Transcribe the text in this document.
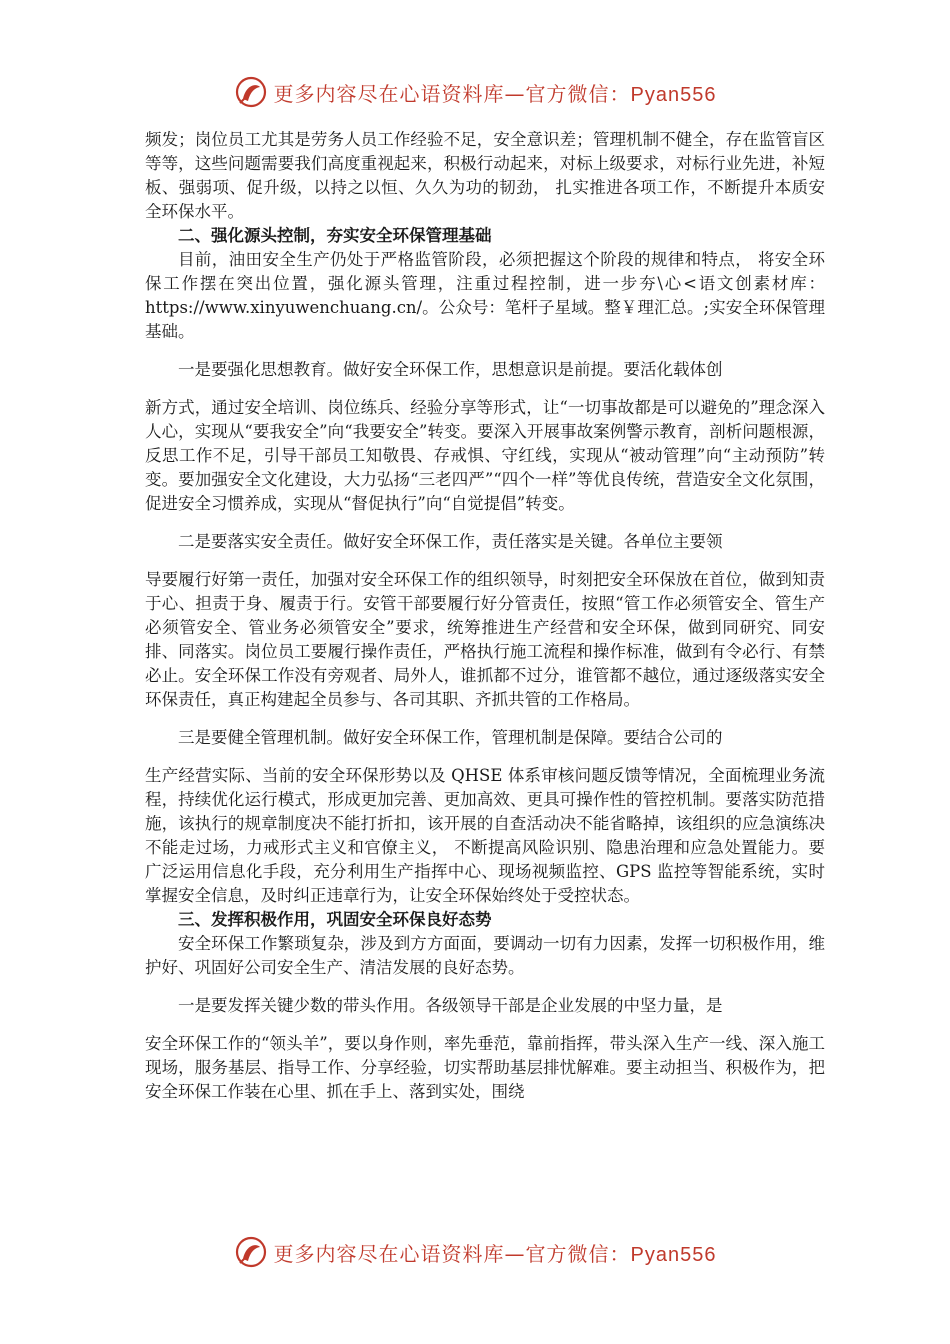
更多内容尽在心语资料库—官方微信：Pyan556

频发；岗位员工尤其是劳务人员工作经验不足，安全意识差；管理机制不健全，存在监管盲区等等，这些问题需要我们高度重视起来，积极行动起来，对标上级要求，对标行业先进，补短板、强弱项、促升级，以持之以恒、久久为功的韧劲， 扎实推进各项工作，不断提升本质安全环保水平。

二、强化源头控制，夯实安全环保管理基础

目前，油田安全生产仍处于严格监管阶段，必须把握这个阶段的规律和特点， 将安全环保工作摆在突出位置，强化源头管理，注重过程控制，进一步夯\心<语文创素材库：https://www.xinyuwenchuang.cn/。公众号：笔杆子星域。整￥理汇总。;实安全环保管理基础。

一是要强化思想教育。做好安全环保工作，思想意识是前提。要活化载体创

新方式，通过安全培训、岗位练兵、经验分享等形式，让“一切事故都是可以避免的”理念深入人心，实现从“要我安全”向“我要安全”转变。要深入开展事故案例警示教育，剖析问题根源，反思工作不足，引导干部员工知敬畏、存戒惧、守红线，实现从“被动管理”向“主动预防”转变。要加强安全文化建设，大力弘扬“三老四严”“四个一样”等优良传统，营造安全文化氛围，促进安全习惯养成，实现从“督促执行”向“自觉提倡”转变。

二是要落实安全责任。做好安全环保工作，责任落实是关键。各单位主要领

导要履行好第一责任，加强对安全环保工作的组织领导，时刻把安全环保放在首位，做到知责于心、担责于身、履责于行。安管干部要履行好分管责任，按照“管工作必须管安全、管生产必须管安全、管业务必须管安全”要求，统筹推进生产经营和安全环保，做到同研究、同安排、同落实。岗位员工要履行操作责任，严格执行施工流程和操作标准，做到有令必行、有禁必止。安全环保工作没有旁观者、局外人，谁抓都不过分，谁管都不越位，通过逐级落实安全环保责任，真正构建起全员参与、各司其职、齐抓共管的工作格局。

三是要健全管理机制。做好安全环保工作，管理机制是保障。要结合公司的

生产经营实际、当前的安全环保形势以及 QHSE 体系审核问题反馈等情况，全面梳理业务流程，持续优化运行模式，形成更加完善、更加高效、更具可操作性的管控机制。要落实防范措施，该执行的规章制度决不能打折扣，该开展的自查活动决不能省略掉，该组织的应急演练决不能走过场，力戒形式主义和官僚主义， 不断提高风险识别、隐患治理和应急处置能力。要广泛运用信息化手段，充分利用生产指挥中心、现场视频监控、GPS 监控等智能系统，实时掌握安全信息，及时纠正违章行为，让安全环保始终处于受控状态。

三、发挥积极作用，巩固安全环保良好态势

安全环保工作繁琐复杂，涉及到方方面面，要调动一切有力因素，发挥一切积极作用，维护好、巩固好公司安全生产、清洁发展的良好态势。

一是要发挥关键少数的带头作用。各级领导干部是企业发展的中坚力量，是

安全环保工作的“领头羊”，要以身作则，率先垂范，靠前指挥，带头深入生产一线、深入施工现场，服务基层、指导工作、分享经验，切实帮助基层排忧解难。要主动担当、积极作为，把安全环保工作装在心里、抓在手上、落到实处，围绕

更多内容尽在心语资料库—官方微信：Pyan556
